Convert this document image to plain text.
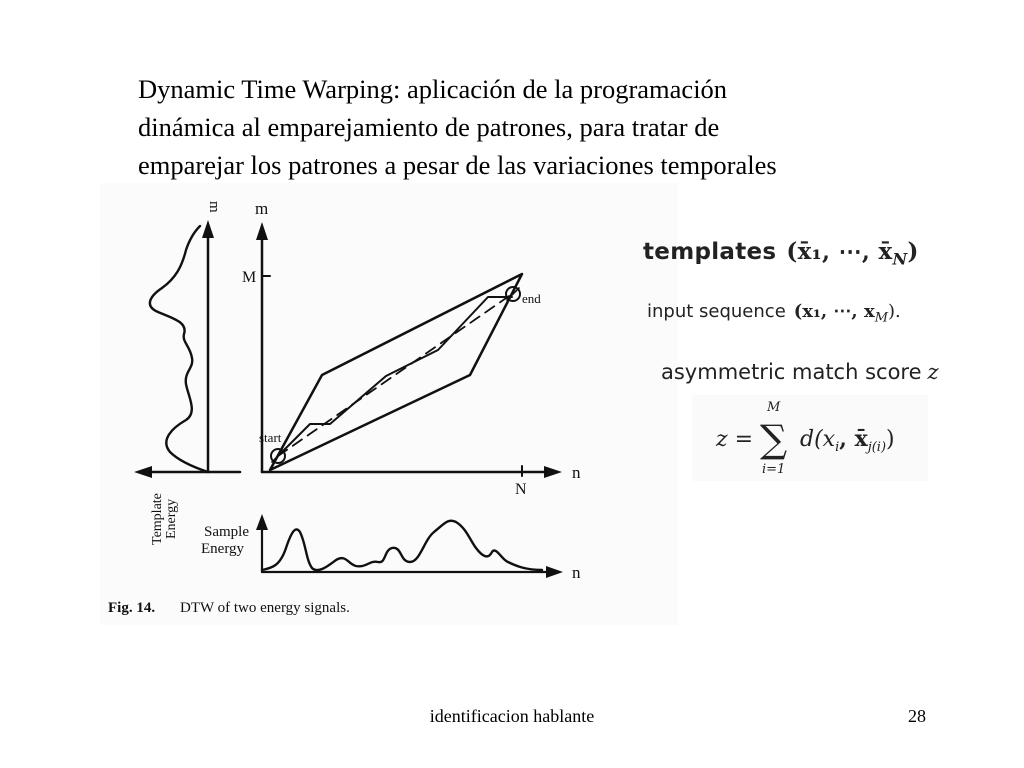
Dynamic Time Warping: aplicación de la programación
dinámica al emparejamiento de patrones, para tratar de
emparejar los patrones a pesar de las variaciones temporales

m m
n
M
N
start
end
Template Energy Sample
Energy
n
Fig. 14. DTW of two energy signals.
templates (x̄₁, ⋯, $x̄_N$)
input sequence (x₁, ⋯, $x_M$).
asymmetric match score z
z =
M
∑
i=1
$d(x_i$, $x̄_{j(i)}$)
identificacion hablante	28
